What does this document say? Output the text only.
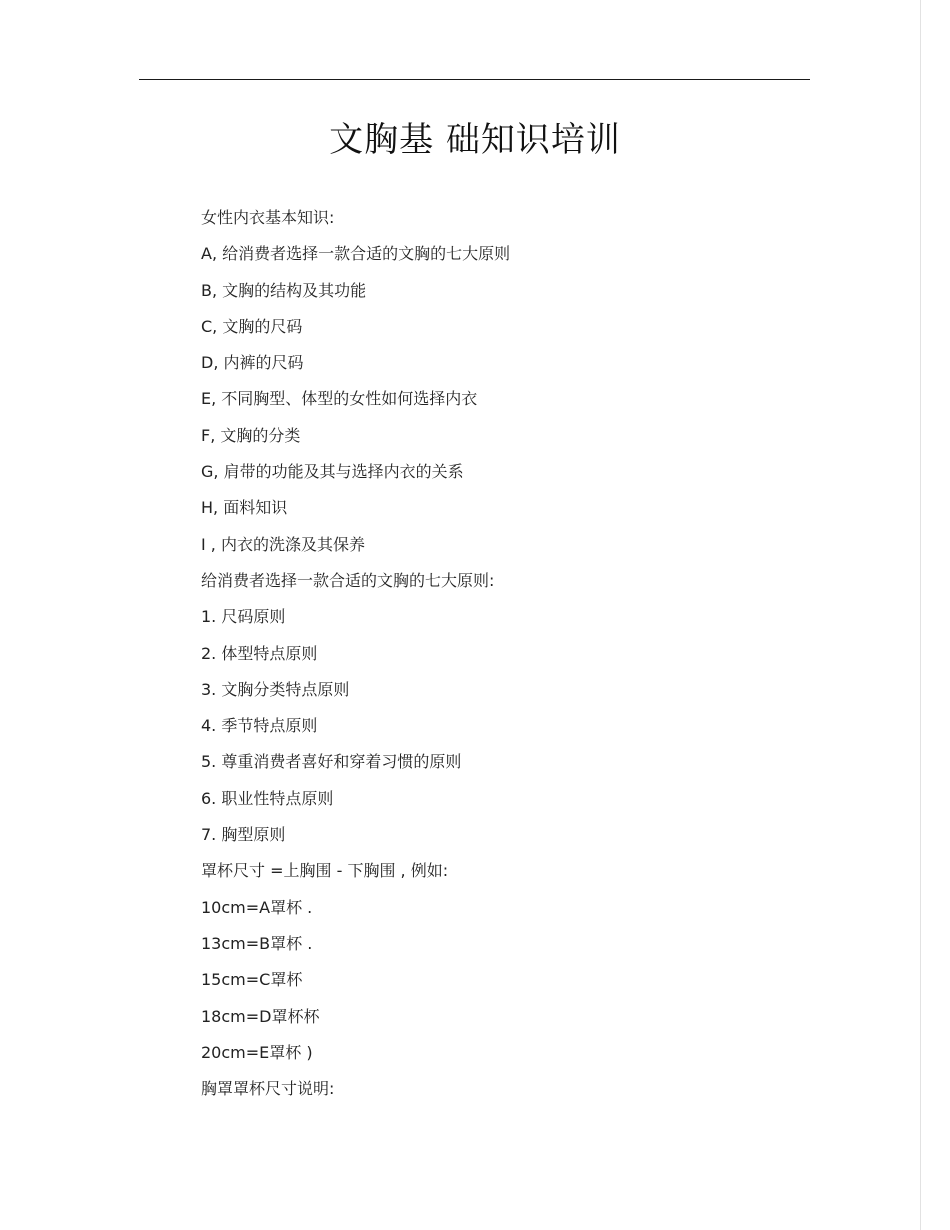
文胸基 础知识培训
女性内衣基本知识:
A, 给消费者选择一款合适的文胸的七大原则
B, 文胸的结构及其功能
C, 文胸的尺码
D, 内裤的尺码
E, 不同胸型、体型的女性如何选择内衣
F, 文胸的分类
G, 肩带的功能及其与选择内衣的关系
H, 面料知识
I , 内衣的洗涤及其保养
给消费者选择一款合适的文胸的七大原则:
1. 尺码原则
2. 体型特点原则
3. 文胸分类特点原则
4. 季节特点原则
5. 尊重消费者喜好和穿着习惯的原则
6. 职业性特点原则
7. 胸型原则
罩杯尺寸 =上胸围 - 下胸围 , 例如:
10cm=A罩杯 .
13cm=B罩杯 .
15cm=C罩杯
18cm=D罩杯杯
20cm=E罩杯 )
胸罩罩杯尺寸说明:
